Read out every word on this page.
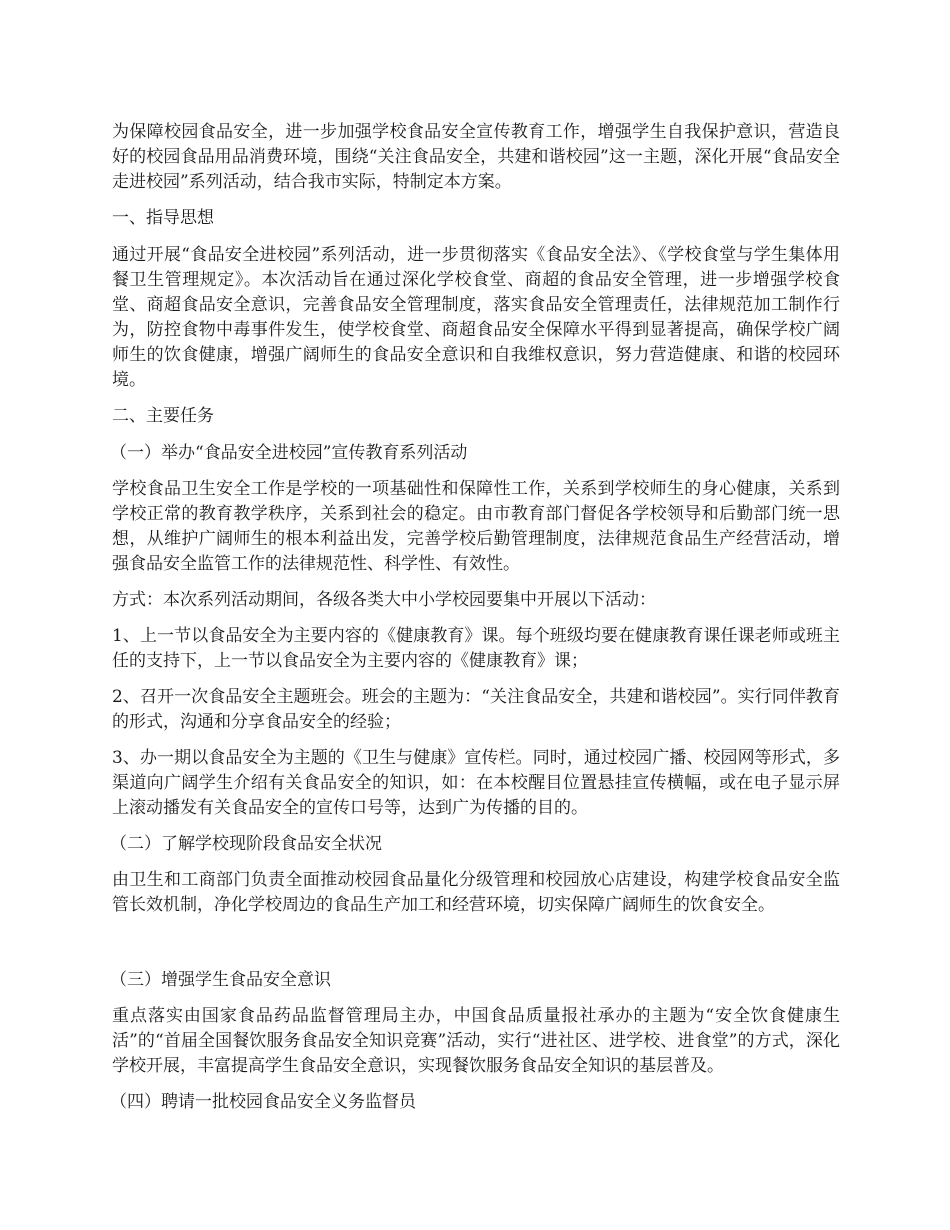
为保障校园食品安全，进一步加强学校食品安全宣传教育工作，增强学生自我保护意识，营造良好的校园食品用品消费环境，围绕“关注食品安全，共建和谐校园”这一主题，深化开展“食品安全走进校园”系列活动，结合我市实际，特制定本方案。

一、指导思想

通过开展“食品安全进校园”系列活动，进一步贯彻落实《食品安全法》、《学校食堂与学生集体用餐卫生管理规定》。本次活动旨在通过深化学校食堂、商超的食品安全管理，进一步增强学校食堂、商超食品安全意识，完善食品安全管理制度，落实食品安全管理责任，法律规范加工制作行为，防控食物中毒事件发生，使学校食堂、商超食品安全保障水平得到显著提高，确保学校广阔师生的饮食健康，增强广阔师生的食品安全意识和自我维权意识，努力营造健康、和谐的校园环境。

二、主要任务

（一）举办“食品安全进校园”宣传教育系列活动

学校食品卫生安全工作是学校的一项基础性和保障性工作，关系到学校师生的身心健康，关系到学校正常的教育教学秩序，关系到社会的稳定。由市教育部门督促各学校领导和后勤部门统一思想，从维护广阔师生的根本利益出发，完善学校后勤管理制度，法律规范食品生产经营活动，增强食品安全监管工作的法律规范性、科学性、有效性。

方式：本次系列活动期间，各级各类大中小学校园要集中开展以下活动：

1、上一节以食品安全为主要内容的《健康教育》课。每个班级均要在健康教育课任课老师或班主任的支持下，上一节以食品安全为主要内容的《健康教育》课；

2、召开一次食品安全主题班会。班会的主题为：“关注食品安全，共建和谐校园”。实行同伴教育的形式，沟通和分享食品安全的经验；

3、办一期以食品安全为主题的《卫生与健康》宣传栏。同时，通过校园广播、校园网等形式，多渠道向广阔学生介绍有关食品安全的知识，如：在本校醒目位置悬挂宣传横幅，或在电子显示屏上滚动播发有关食品安全的宣传口号等，达到广为传播的目的。

（二）了解学校现阶段食品安全状况

由卫生和工商部门负责全面推动校园食品量化分级管理和校园放心店建设，构建学校食品安全监管长效机制，净化学校周边的食品生产加工和经营环境，切实保障广阔师生的饮食安全。

（三）增强学生食品安全意识

重点落实由国家食品药品监督管理局主办，中国食品质量报社承办的主题为“安全饮食健康生活”的“首届全国餐饮服务食品安全知识竞赛”活动，实行“进社区、进学校、进食堂”的方式，深化学校开展，丰富提高学生食品安全意识，实现餐饮服务食品安全知识的基层普及。

（四）聘请一批校园食品安全义务监督员
